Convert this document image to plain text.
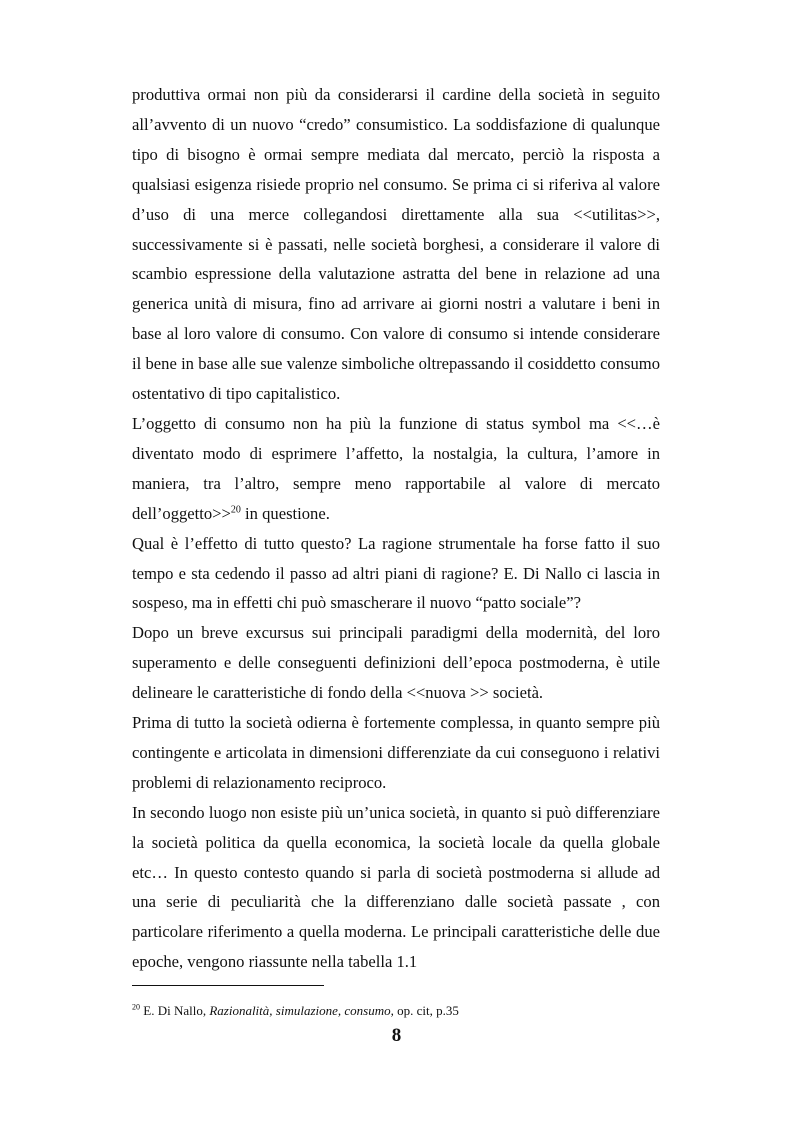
produttiva ormai non più da considerarsi il cardine della società in seguito all’avvento di un nuovo “credo” consumistico. La soddisfazione di qualunque tipo di bisogno è ormai sempre mediata dal mercato, perciò la risposta a qualsiasi esigenza risiede proprio nel consumo. Se prima ci si riferiva al valore d’uso di una merce collegandosi direttamente alla sua <<utilitas>>, successivamente si è passati, nelle società borghesi, a considerare il valore di scambio espressione della valutazione astratta del bene in relazione ad una generica unità di misura, fino ad arrivare ai giorni nostri a valutare i beni in base al loro valore di consumo. Con valore di consumo si intende considerare il bene in base alle sue valenze simboliche oltrepassando il cosiddetto consumo ostentativo di tipo capitalistico.

L’oggetto di consumo non ha più la funzione di status symbol ma <<…è diventato modo di esprimere l’affetto, la nostalgia, la cultura, l’amore in maniera, tra l’altro, sempre meno rapportabile al valore di mercato dell’oggetto>>$^{20}$ in questione.

Qual è l’effetto di tutto questo? La ragione strumentale ha forse fatto il suo tempo e sta cedendo il passo ad altri piani di ragione? E. Di Nallo ci lascia in sospeso, ma in effetti chi può smascherare il nuovo “patto sociale”?

Dopo un breve excursus sui principali paradigmi della modernità, del loro superamento e delle conseguenti definizioni dell’epoca postmoderna, è utile delineare le caratteristiche di fondo della <<nuova >> società.

Prima di tutto la società odierna è fortemente complessa, in quanto sempre più contingente e articolata in dimensioni differenziate da cui conseguono i relativi problemi di relazionamento reciproco.

In secondo luogo non esiste più un’unica società, in quanto si può differenziare la società politica da quella economica, la società locale da quella globale etc… In questo contesto quando si parla di società postmoderna si allude ad una serie di peculiarità che la differenziano dalle società passate , con particolare riferimento a quella moderna. Le principali caratteristiche delle due epoche, vengono riassunte nella tabella 1.1

$^{20}$ E. Di Nallo, Razionalità, simulazione, consumo, op. cit, p.35
8
